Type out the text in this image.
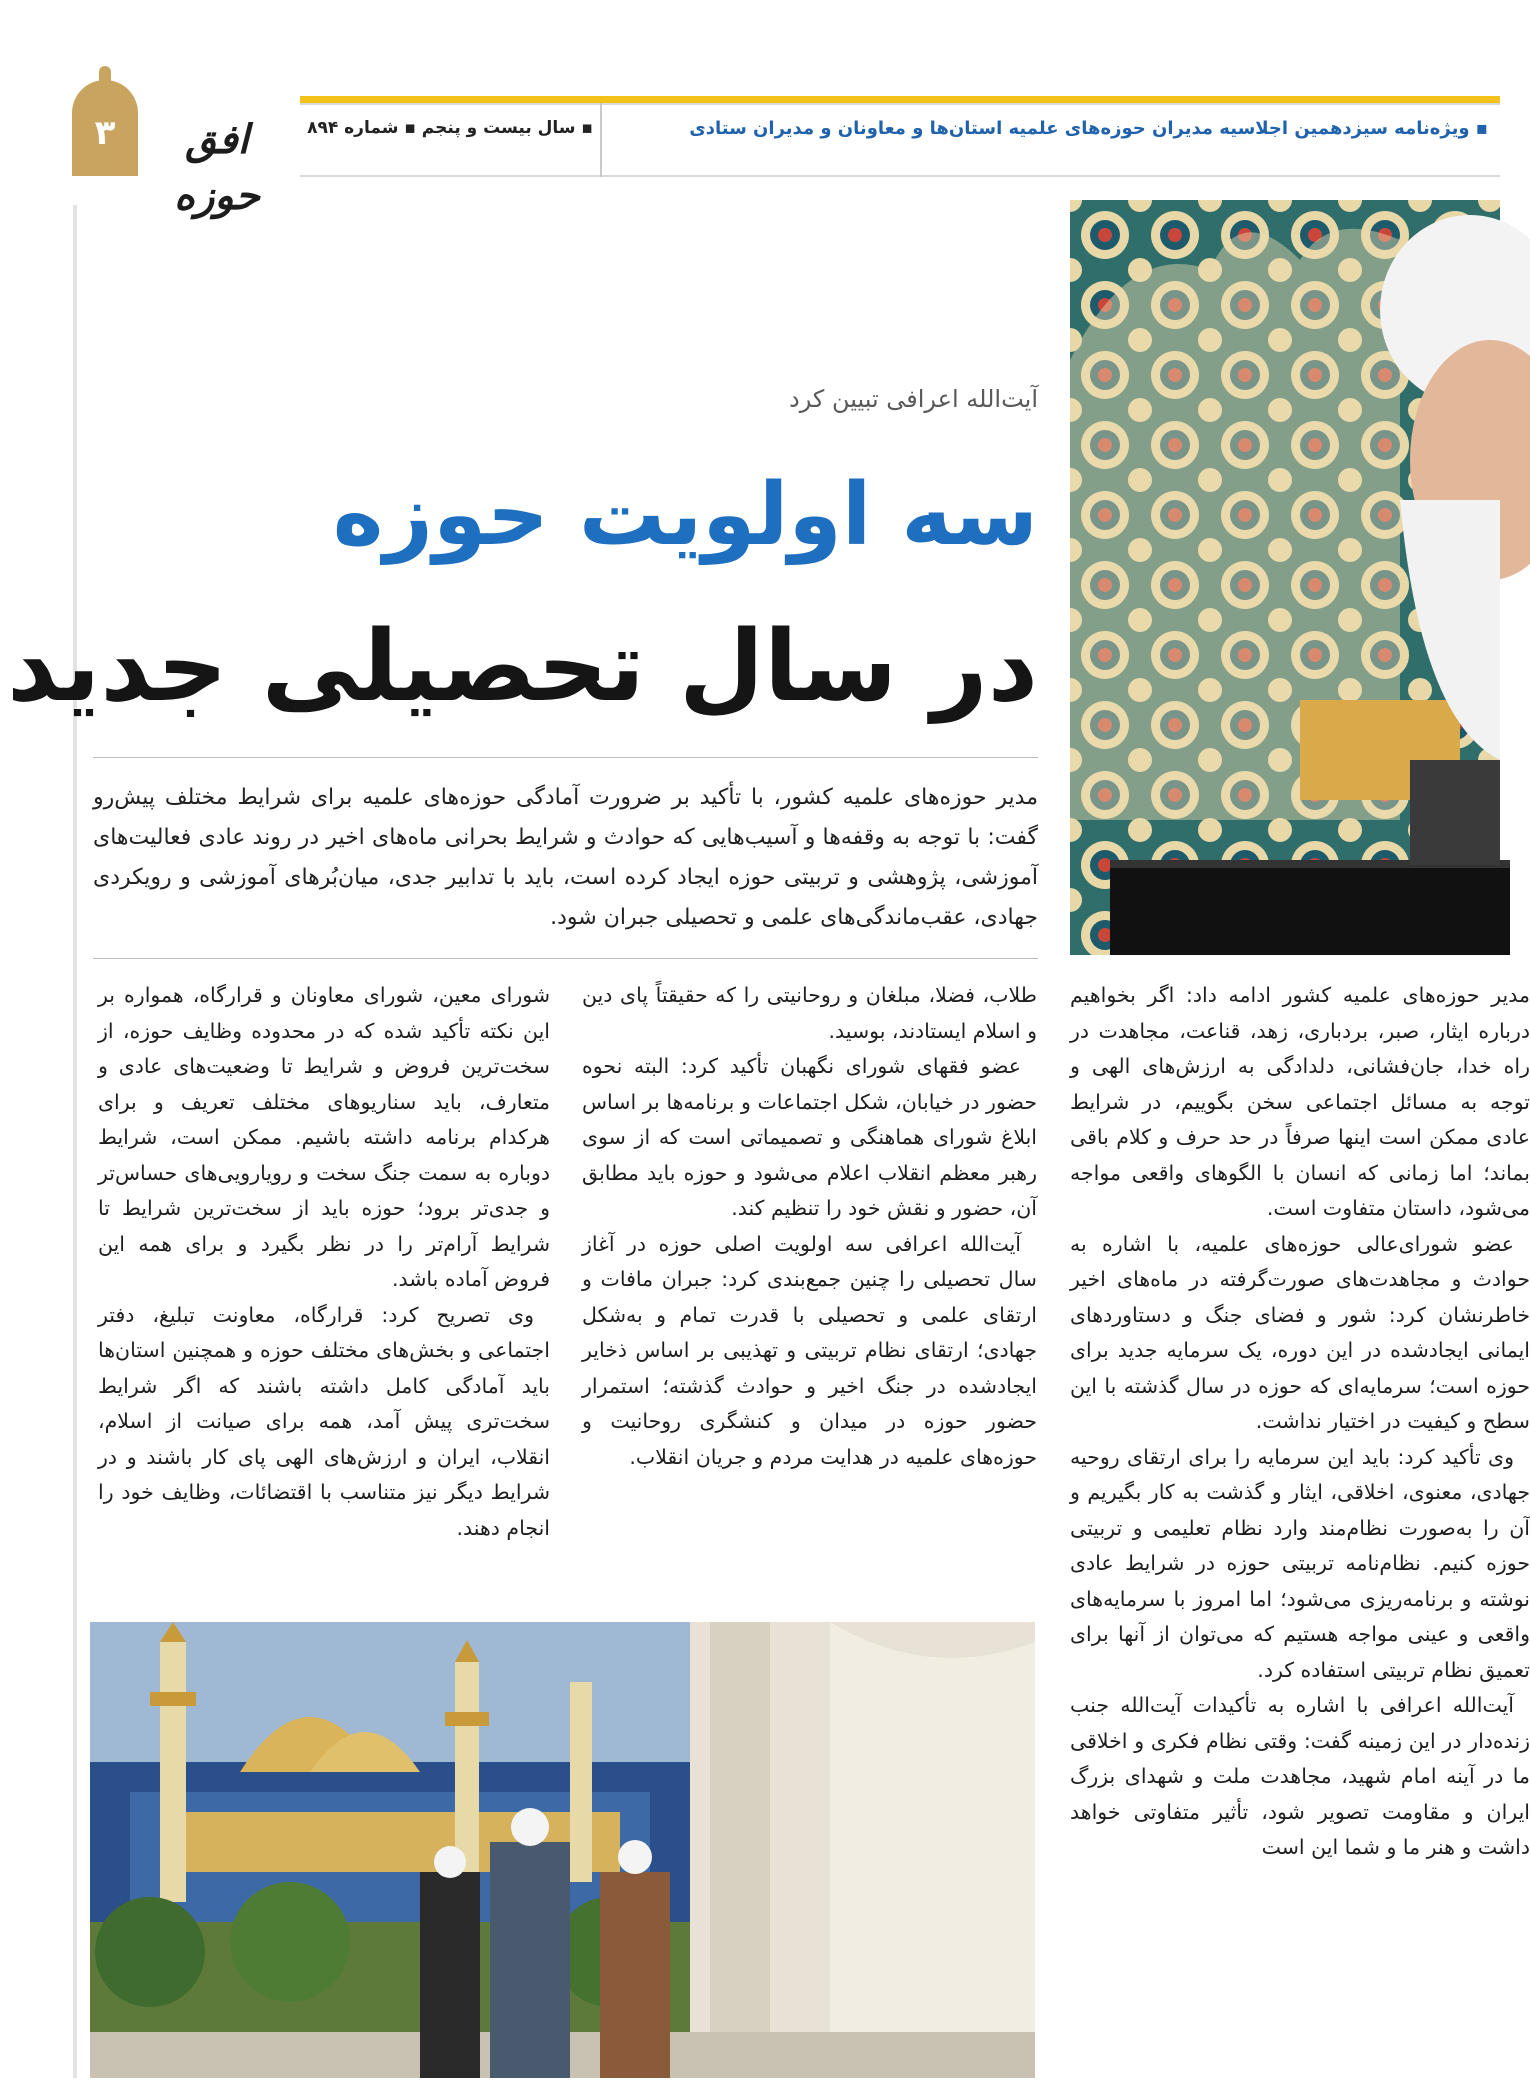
۳	افق حوزه
▪ سال بیست و پنجم ▪ شماره ۸۹۴	▪ ویژه‌نامه سیزدهمین اجلاسیه مدیران حوزه‌های علمیه استان‌ها و معاونان و مدیران ستادی
آیت‌الله اعرافی تبیین کرد
سه اولویت حوزه
در سال تحصیلی جدید
مدیر حوزه‌های علمیه کشور، با تأکید بر ضرورت آمادگی حوزه‌های علمیه برای شرایط مختلف پیش‌رو گفت: با توجه به وقفه‌ها و آسیب‌هایی که حوادث و شرایط بحرانی ماه‌های اخیر در روند عادی فعالیت‌های آموزشی، پژوهشی و تربیتی حوزه ایجاد کرده است، باید با تدابیر جدی، میان‌بُرهای آموزشی و رویکردی جهادی، عقب‌ماندگی‌های علمی و تحصیلی جبران شود.

مدیر حوزه‌های علمیه کشور ادامه داد: اگر بخواهیم درباره ایثار، صبر، بردباری، زهد، قناعت، مجاهدت در راه خدا، جان‌فشانی، دلدادگی به ارزش‌های الهی و توجه به مسائل اجتماعی سخن بگوییم، در شرایط عادی ممکن است اینها صرفاً در حد حرف و کلام باقی بماند؛ اما زمانی که انسان با الگوهای واقعی مواجه می‌شود، داستان متفاوت است.

عضو شورای‌عالی حوزه‌های علمیه، با اشاره به حوادث و مجاهدت‌های صورت‌گرفته در ماه‌های اخیر خاطرنشان کرد: شور و فضای جنگ و دستاوردهای ایمانی ایجادشده در این دوره، یک سرمایه جدید برای حوزه است؛ سرمایه‌ای که حوزه در سال گذشته با این سطح و کیفیت در اختیار نداشت.

وی تأکید کرد: باید این سرمایه را برای ارتقای روحیه جهادی، معنوی، اخلاقی، ایثار و گذشت به کار بگیریم و آن را به‌صورت نظام‌مند وارد نظام تعلیمی و تربیتی حوزه کنیم. نظام‌نامه تربیتی حوزه در شرایط عادی نوشته و برنامه‌ریزی می‌شود؛ اما امروز با سرمایه‌های واقعی و عینی مواجه هستیم که می‌توان از آنها برای تعمیق نظام تربیتی استفاده کرد.

آیت‌الله اعرافی با اشاره به تأکیدات آیت‌الله جنب زنده‌دار در این زمینه گفت: وقتی نظام فکری و اخلاقی ما در آینه امام شهید، مجاهدت ملت و شهدای بزرگ ایران و مقاومت تصویر شود، تأثیر متفاوتی خواهد داشت و هنر ما و شما این است

طلاب، فضلا، مبلغان و روحانیتی را که حقیقتاً پای دین و اسلام ایستادند، بوسید.

عضو فقهای شورای نگهبان تأکید کرد: البته نحوه حضور در خیابان، شکل اجتماعات و برنامه‌ها بر اساس ابلاغ شورای هماهنگی و تصمیماتی است که از سوی رهبر معظم انقلاب اعلام می‌شود و حوزه باید مطابق آن، حضور و نقش خود را تنظیم کند.

آیت‌الله اعرافی سه اولویت اصلی حوزه در آغاز سال تحصیلی را چنین جمع‌بندی کرد: جبران مافات و ارتقای علمی و تحصیلی با قدرت تمام و به‌شکل جهادی؛ ارتقای نظام تربیتی و تهذیبی بر اساس ذخایر ایجادشده در جنگ اخیر و حوادث گذشته؛ استمرار حضور حوزه در میدان و کنشگری روحانیت و حوزه‌های علمیه در هدایت مردم و جریان انقلاب.

شورای معین، شورای معاونان و قرارگاه، همواره بر این نکته تأکید شده که در محدوده وظایف حوزه، از سخت‌ترین فروض و شرایط تا وضعیت‌های عادی و متعارف، باید سناریوهای مختلف تعریف و برای هرکدام برنامه داشته باشیم. ممکن است، شرایط دوباره به سمت جنگ سخت و رویارویی‌های حساس‌تر و جدی‌تر برود؛ حوزه باید از سخت‌ترین شرایط تا شرایط آرام‌تر را در نظر بگیرد و برای همه این فروض آماده باشد.

وی تصریح کرد: قرارگاه، معاونت تبلیغ، دفتر اجتماعی و بخش‌های مختلف حوزه و همچنین استان‌ها باید آمادگی کامل داشته باشند که اگر شرایط سخت‌تری پیش آمد، همه برای صیانت از اسلام، انقلاب، ایران و ارزش‌های الهی پای کار باشند و در شرایط دیگر نیز متناسب با اقتضائات، وظایف خود را انجام دهند.
